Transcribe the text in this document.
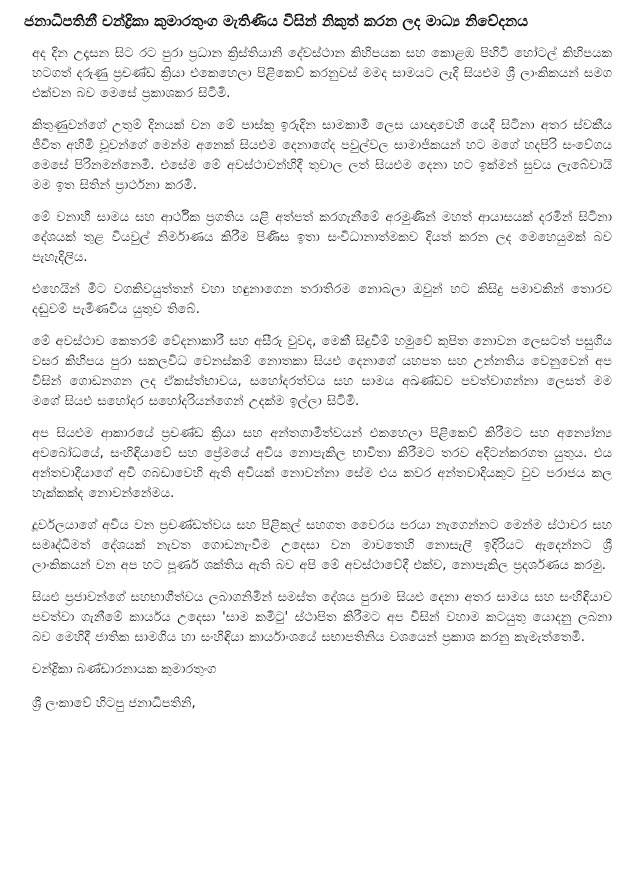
ජනාධිපතිනී චන්ද්‍රිකා කුමාරතුංග මැතිණිය විසින් නිකුත් කරන ලද මාධ්‍ය නිවේදනය

අද දින උදෑසන සිට රට පුරා ප්‍රධාන ක්‍රිස්තියානි දේවස්ථාන කිහිපයක සහ කොළඹ පිහිටි හෝටල් කිහිපයක හටගත් දරුණු ප්‍රචණ්ඩ ක්‍රියා එකෙහෙලා පිළිකෙව් කරනුවස් මමද සාමයට ලැදි සියළුම ශ්‍රී ලාංකිකයන් සමග එක්වන බව මෙසේ ප්‍රකාශකර සිටිමි.

කිතුණුවන්ගේ උතුම් දිනයක් වන මේ පාස්කු ඉරුදින සාමකාමී ලෙස යාඥාවෙහි යෙදී සිටිනා අතර ස්වකීය ජීවිත අහිමි වූවන්ගේ මෙන්ම අනෙක් සියළුම දෙනාගේද පවුල්වල සාමාජිකයන් හට මගේ හදපිරි සංවේගය මෙසේ පිරිනමන්නෙමි. එසේම මේ අවස්ථාවන්හිදී තුවාල ලත් සියළුම දෙනා හට ඉක්මන් සුවය ලැබේවායි මම ඉත සිතින් ප්‍රාර්ථනා කරමි.

මේ වනාහී සාමය සහ ආර්ථික ප්‍රගතිය යළි අත්පත් කරගැනීමේ අරමුණින් මහත් ආයාසයක් දරමින් සිටිනා දේශයක් තුළ වියවුල් නිර්මාණය කිරීම පිණිස ඉතා සංවිධානාත්මකව දියත් කරන ලද මෙහෙයුමක් බව පැහැදිලිය.

එහෙයින් මීට වගකිවයුත්තන් වහා හඳුනාගෙන තරාතිරම නොබලා ඔවුන් හට කිසිදු පමාවකින් තොරව දඬුවම් පැමිණවිය යුතුව තිබේ.

මේ අවස්ථාව කෙතරම් වේදනාකාරී සහ අසීරු වුවද, මෙකී සිදුවීම් හමුවේ කුපිත නොවන ලෙසටත් පසුගිය වසර කිහිපය පුරා සකලවිධ වෙනස්කම් නොතකා සියළු දෙනාගේ යහපත සහ උන්නතිය වෙනුවෙන් අප විසින් ගොඩනගන ලද ඒකස්ත්භාවය, සහෝදරත්වය සහ සාමය අඛණ්ඩව පවත්වාගන්නා ලෙසත් මම මගේ සියළු සහෝදර සහෝදරියන්ගෙන් උදක්ම ඉල්ලා සිටිමි.

අප සියළුම ආකාරයේ ප්‍රචණ්ඩ ක්‍රියා සහ අන්තගාමීත්වයන් එකහෙලා පිළිකෙව් කිරීමට සහ අන්‍යෝන්‍ය අවබෝධයේ, සංහිඳියාවේ සහ ප්‍රේමයේ අවිය නොපැකිල භාවිතා කිරීමට තරව අදිටන්කරගත යුතුය. එය අන්තවාදීයාගේ අවි ගබඩාවෙහි ඇති අවියක් නොවන්නා සේම එය කවර අන්තවාදියකුට වුව පරාජය කල හැක්කක්ද නොවන්නේමය.

දූර්වලයාගේ අවිය වන ප්‍රචණ්ඩත්වය සහ පිළිකුල් සහගත වෛරය පරයා නැගෙන්නට මෙන්ම ස්ථාවර සහ සමෘද්ධිමත් දේශයක් නැවත ගොඩනැංවීම උදෙසා වන මාවතෙහි නොසැලී ඉදිරියට ඇදෙන්නට ශ්‍රී ලාංකිකයන් වන අප හට පූර්ණ ශක්තිය ඇති බව අපි මේ අවස්ථාවේදී එක්ව, නොපැකිල ප්‍රදර්ශණය කරමු.

සියළු ප්‍රජාවන්ගේ සහභාගීත්වය ලබාගනිමින් සමස්ත දේශය පුරාම සියළු දෙනා අතර සාමය සහ සංහිඳියාව පවත්වා ගැනීමේ කාර්යය උදෙසා 'සාම කමිටු' ස්ථාපිත කිරීමට අප විසින් වහාම කටයුතු යොදනු ලබනා බව මෙහිදී ජාතික සාමගිය හා සංහිඳියා කාර්යාංශයේ සභාපතිනිය වශයෙන් ප්‍රකාශ කරනු කැමැත්තෙමි.

චන්ද්‍රිකා බණ්ඩාරනායක කුමාරතුංග
ශ්‍රී ලංකාවේ හිටපු ජනාධිපතිනි,
